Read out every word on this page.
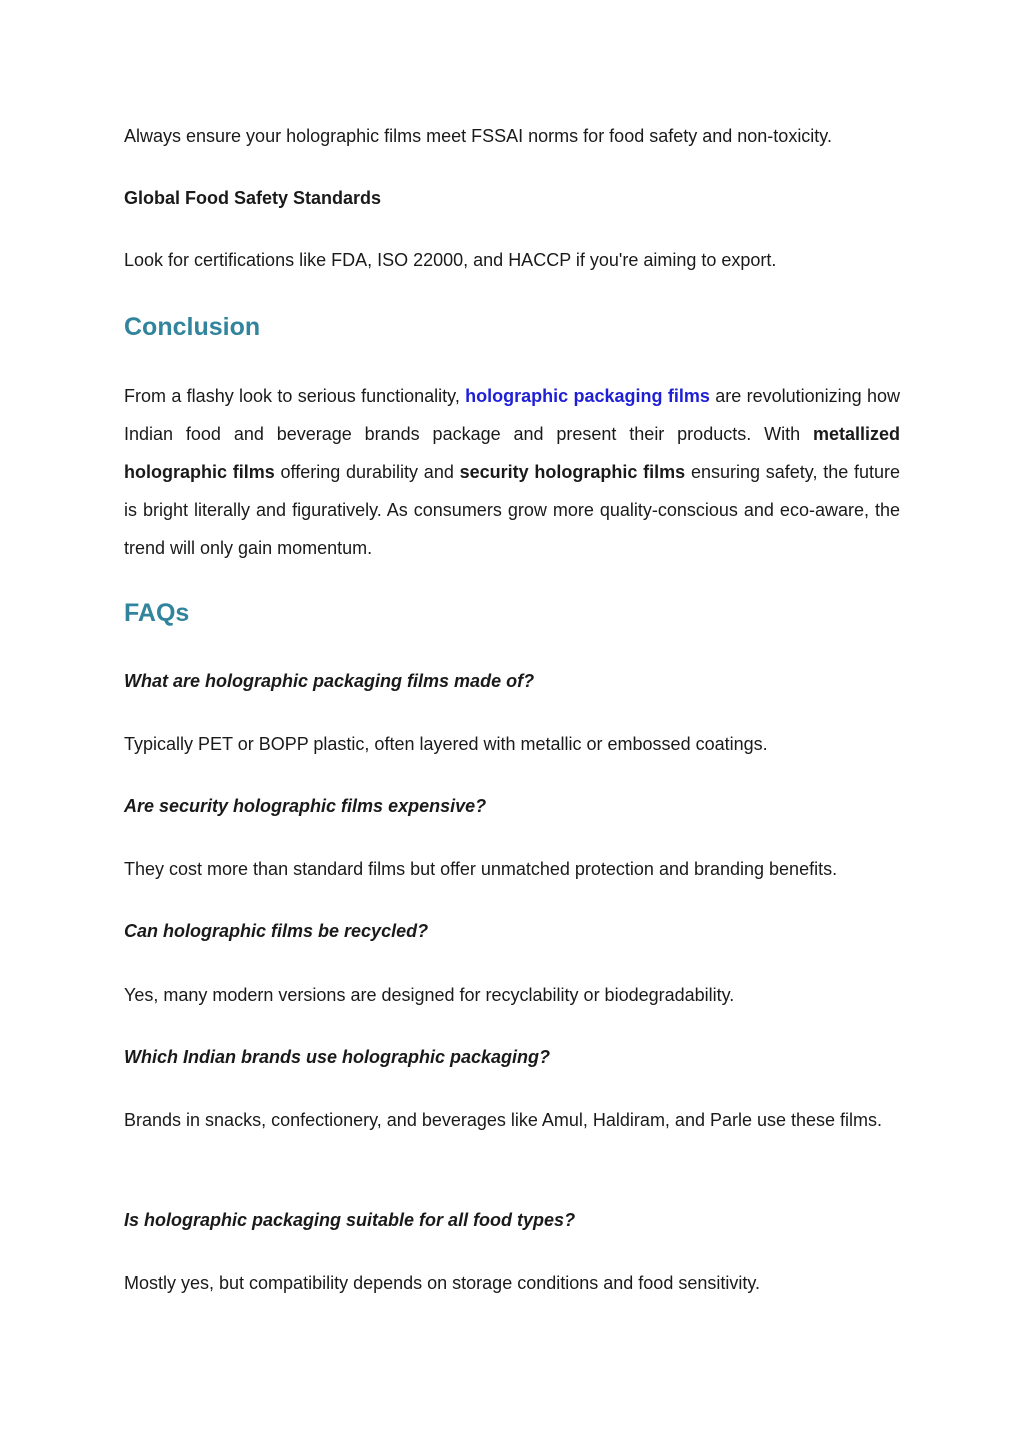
Always ensure your holographic films meet FSSAI norms for food safety and non-toxicity.

Global Food Safety Standards

Look for certifications like FDA, ISO 22000, and HACCP if you're aiming to export.

Conclusion

From a flashy look to serious functionality, holographic packaging films are revolutionizing how Indian food and beverage brands package and present their products. With metallized holographic films offering durability and security holographic films ensuring safety, the future is bright literally and figuratively. As consumers grow more quality-conscious and eco-aware, the trend will only gain momentum.

FAQs

What are holographic packaging films made of?

Typically PET or BOPP plastic, often layered with metallic or embossed coatings.

Are security holographic films expensive?

They cost more than standard films but offer unmatched protection and branding benefits.

Can holographic films be recycled?

Yes, many modern versions are designed for recyclability or biodegradability.

Which Indian brands use holographic packaging?

Brands in snacks, confectionery, and beverages like Amul, Haldiram, and Parle use these films.

Is holographic packaging suitable for all food types?

Mostly yes, but compatibility depends on storage conditions and food sensitivity.
